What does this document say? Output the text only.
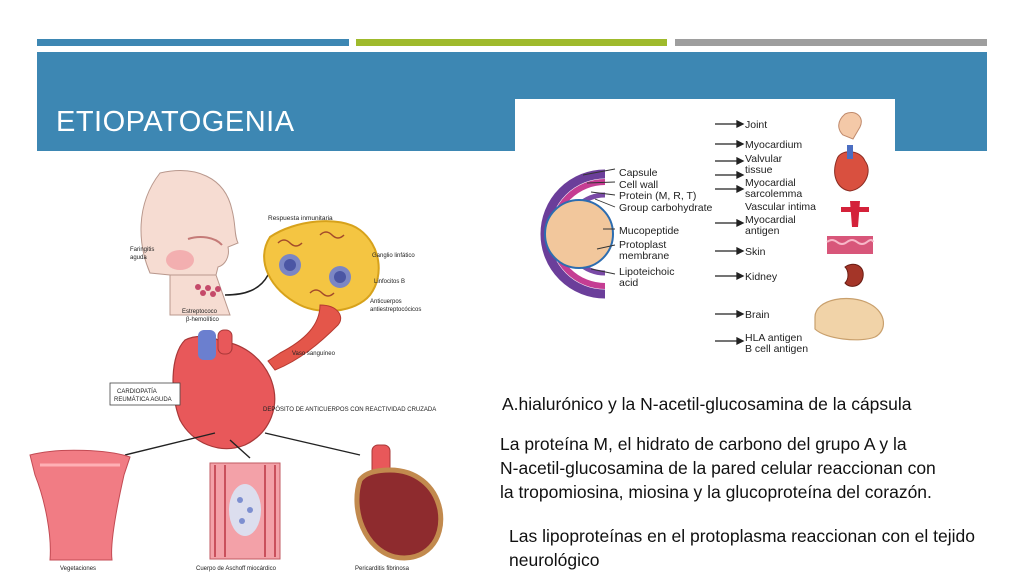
ETIOPATOGENIA
Faringitis
aguda
Estreptococo
β-hemolítico
Respuesta inmunitaria
Ganglio linfático
Linfocitos B
Anticuerpos
antiestreptocócicos
Vaso sanguíneo
CARDIOPATÍA
REUMÁTICA AGUDA
DEPÓSITO DE ANTICUERPOS CON REACTIVIDAD CRUZADA
Vegetaciones	Cuerpo de Aschoff miocárdico	Pericarditis fibrinosa
Capsule
Cell wall
Protein (M, R, T)
Group carbohydrate
Mucopeptide
Protoplast
membrane
Lipoteichoic
acid
Joint
Myocardium
Valvular
tissue
Myocardial
sarcolemma
Vascular intima
Myocardial
antigen
Skin
Kidney
Brain
HLA antigen
B cell antigen
A.hialurónico y la N-acetil-glucosamina de la cápsula
La proteína M, el hidrato de carbono del grupo A y la
N-acetil-glucosamina de la pared celular reaccionan con
la tropomiosina, miosina y la glucoproteína del corazón.
Las lipoproteínas en el protoplasma reaccionan con el tejido
neurológico
